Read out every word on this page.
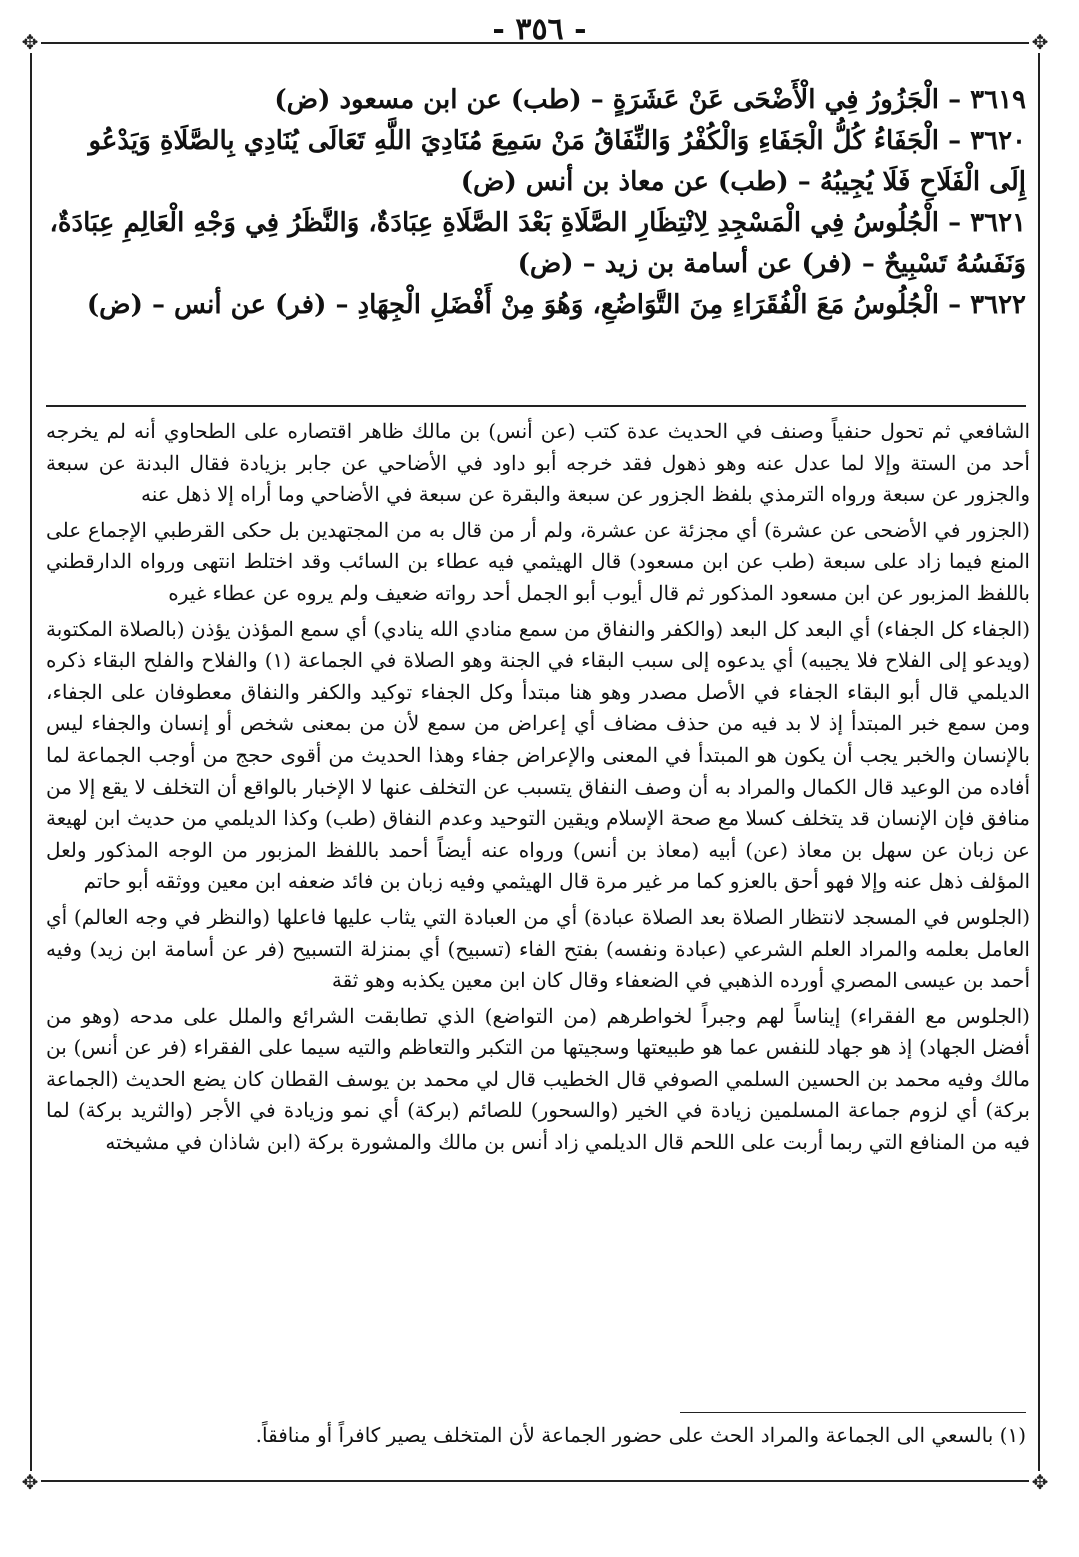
- ٣٥٦ -
✥	✥
✥	✥

٣٦١٩ – الْجَزُورُ فِي الْأَضْحَى عَنْ عَشَرَةٍ – (طب) عن ابن مسعود (ض)

٣٦٢٠ – الْجَفَاءُ كُلُّ الْجَفَاءِ وَالْكُفْرُ وَالنِّفَاقُ مَنْ سَمِعَ مُنَادِيَ اللَّهِ تَعَالَى يُنَادِي بِالصَّلَاةِ وَيَدْعُو إِلَى الْفَلَاحِ فَلَا يُجِيبُهُ – (طب) عن معاذ بن أنس (ض)

٣٦٢١ – الْجُلُوسُ فِي الْمَسْجِدِ لِانْتِظَارِ الصَّلَاةِ بَعْدَ الصَّلَاةِ عِبَادَةٌ، وَالنَّظَرُ فِي وَجْهِ الْعَالِمِ عِبَادَةٌ، وَنَفَسُهُ تَسْبِيحٌ – (فر) عن أسامة بن زيد – (ض)

٣٦٢٢ – الْجُلُوسُ مَعَ الْفُقَرَاءِ مِنَ التَّوَاضُعِ، وَهُوَ مِنْ أَفْضَلِ الْجِهَادِ – (فر) عن أنس – (ض)

الشافعي ثم تحول حنفياً وصنف في الحديث عدة كتب (عن أنس) بن مالك ظاهر اقتصاره على الطحاوي أنه لم يخرجه أحد من الستة وإلا لما عدل عنه وهو ذهول فقد خرجه أبو داود في الأضاحي عن جابر بزيادة فقال البدنة عن سبعة والجزور عن سبعة ورواه الترمذي بلفظ الجزور عن سبعة والبقرة عن سبعة في الأضاحي وما أراه إلا ذهل عنه

(الجزور في الأضحى عن عشرة) أي مجزئة عن عشرة، ولم أر من قال به من المجتهدين بل حكى القرطبي الإجماع على المنع فيما زاد على سبعة (طب عن ابن مسعود) قال الهيثمي فيه عطاء بن السائب وقد اختلط انتهى ورواه الدارقطني باللفظ المزبور عن ابن مسعود المذكور ثم قال أيوب أبو الجمل أحد رواته ضعيف ولم يروه عن عطاء غيره

(الجفاء كل الجفاء) أي البعد كل البعد (والكفر والنفاق من سمع منادي الله ينادي) أي سمع المؤذن يؤذن (بالصلاة المكتوبة (ويدعو إلى الفلاح فلا يجيبه) أي يدعوه إلى سبب البقاء في الجنة وهو الصلاة في الجماعة (١) والفلاح والفلح البقاء ذكره الديلمي قال أبو البقاء الجفاء في الأصل مصدر وهو هنا مبتدأ وكل الجفاء توكيد والكفر والنفاق معطوفان على الجفاء، ومن سمع خبر المبتدأ إذ لا بد فيه من حذف مضاف أي إعراض من سمع لأن من بمعنى شخص أو إنسان والجفاء ليس بالإنسان والخبر يجب أن يكون هو المبتدأ في المعنى والإعراض جفاء وهذا الحديث من أقوى حجج من أوجب الجماعة لما أفاده من الوعيد قال الكمال والمراد به أن وصف النفاق يتسبب عن التخلف عنها لا الإخبار بالواقع أن التخلف لا يقع إلا من منافق فإن الإنسان قد يتخلف كسلا مع صحة الإسلام ويقين التوحيد وعدم النفاق (طب) وكذا الديلمي من حديث ابن لهيعة عن زبان عن سهل بن معاذ (عن) أبيه (معاذ بن أنس) ورواه عنه أيضاً أحمد باللفظ المزبور من الوجه المذكور ولعل المؤلف ذهل عنه وإلا فهو أحق بالعزو كما مر غير مرة قال الهيثمي وفيه زبان بن فائد ضعفه ابن معين ووثقه أبو حاتم

(الجلوس في المسجد لانتظار الصلاة بعد الصلاة عبادة) أي من العبادة التي يثاب عليها فاعلها (والنظر في وجه العالم) أي العامل بعلمه والمراد العلم الشرعي (عبادة ونفسه) بفتح الفاء (تسبيح) أي بمنزلة التسبيح (فر عن أسامة ابن زيد) وفيه أحمد بن عيسى المصري أورده الذهبي في الضعفاء وقال كان ابن معين يكذبه وهو ثقة

(الجلوس مع الفقراء) إيناساً لهم وجبراً لخواطرهم (من التواضع) الذي تطابقت الشرائع والملل على مدحه (وهو من أفضل الجهاد) إذ هو جهاد للنفس عما هو طبيعتها وسجيتها من التكبر والتعاظم والتيه سيما على الفقراء (فر عن أنس) بن مالك وفيه محمد بن الحسين السلمي الصوفي قال الخطيب قال لي محمد بن يوسف القطان كان يضع الحديث (الجماعة بركة) أي لزوم جماعة المسلمين زيادة في الخير (والسحور) للصائم (بركة) أي نمو وزيادة في الأجر (والثريد بركة) لما فيه من المنافع التي ربما أربت على اللحم قال الديلمي زاد أنس بن مالك والمشورة بركة (ابن شاذان في مشيخته

(١) بالسعي الى الجماعة والمراد الحث على حضور الجماعة لأن المتخلف يصير كافراً أو منافقاً.
